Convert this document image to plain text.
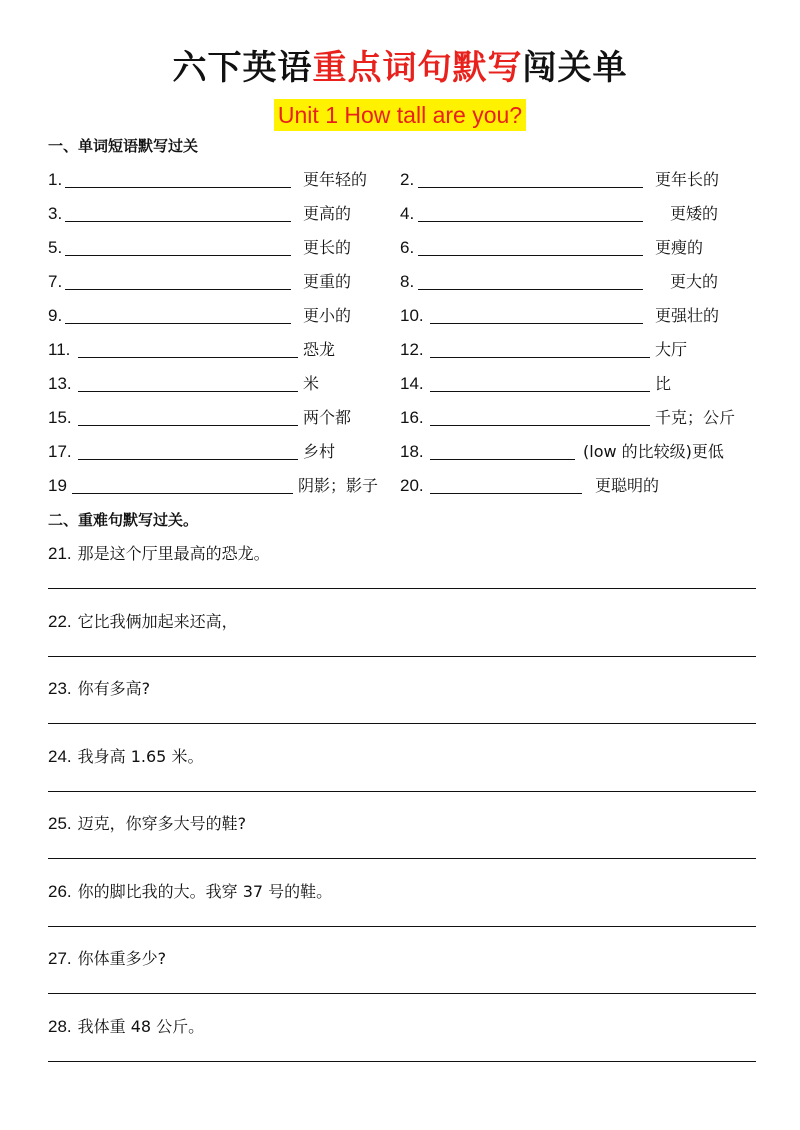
六下英语重点词句默写闯关单
Unit 1 How tall are you?
一、单词短语默写过关
1.	更年轻的 2.	更年长的
3.	更高的	4.	更矮的
5.	更长的	6.	更瘦的
7.	更重的	8.	更大的
9.	更小的	10.	更强壮的
11.	恐龙	12.	大厅
13.	米	14.	比
15.	两个都	16.	千克；公斤
17.	乡村	18.	(low 的比较级)更低
19	阴影；影子 20.	更聪明的
二、重难句默写过关。
21. 那是这个厅里最高的恐龙。
22. 它比我俩加起来还高，
23. 你有多高?
24. 我身高 1.65 米。
25. 迈克，你穿多大号的鞋?
26. 你的脚比我的大。我穿 37 号的鞋。
27. 你体重多少?
28. 我体重 48 公斤。
